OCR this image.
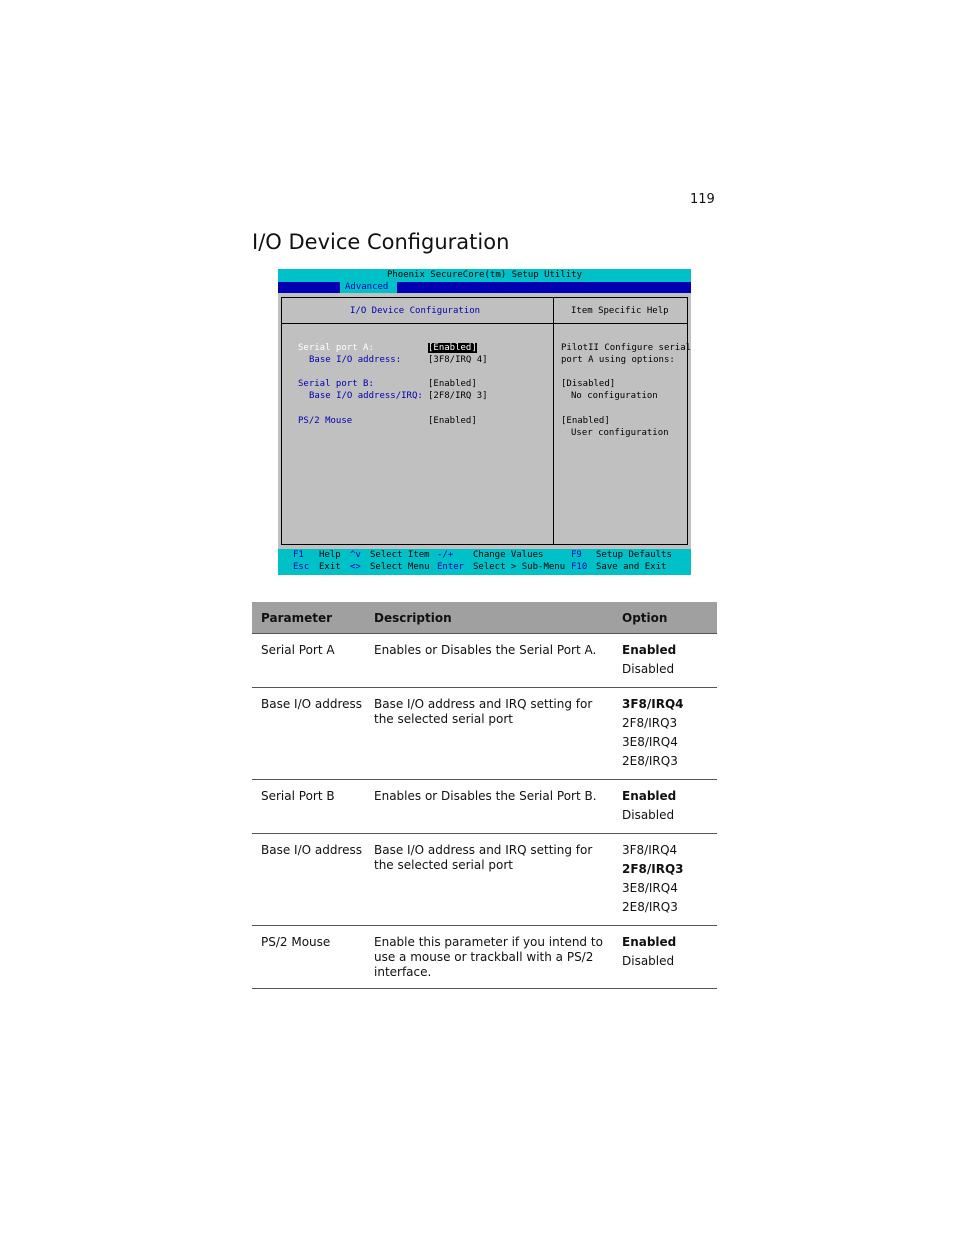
119
I/O Device Configuration
Phoenix SecureCore(tm) Setup Utility
Advanced
I/O Device Configuration	Item Specific Help
Serial port A:	[Enabled]
Base I/O address:	[3F8/IRQ 4]
Serial port B:	[Enabled]
Base I/O address/IRQ: [2F8/IRQ 3]
PS/2 Mouse	[Enabled]
PilotII Configure serial
port A using options:
[Disabled]
No configuration
[Enabled]
User configuration
F1 Help ^v Select Item -/+ Change Values	F9 Setup Defaults
Esc Exit <> Select Menu Enter Select > Sub-Menu F10 Save and Exit
Parameter	Description	Option
Serial Port A	Enables or Disables the Serial Port A.	Enabled
Disabled

Base I/O address	Base I/O address and IRQ setting for the selected serial port	3F8/IRQ4
2F8/IRQ3
3E8/IRQ4
2E8/IRQ3

Serial Port B	Enables or Disables the Serial Port B.	Enabled
Disabled

Base I/O address	Base I/O address and IRQ setting for the selected serial port	3F8/IRQ4
2F8/IRQ3
3E8/IRQ4
2E8/IRQ3

PS/2 Mouse	Enable this parameter if you intend to use a mouse or trackball with a PS/2 interface.	Enabled
Disabled
